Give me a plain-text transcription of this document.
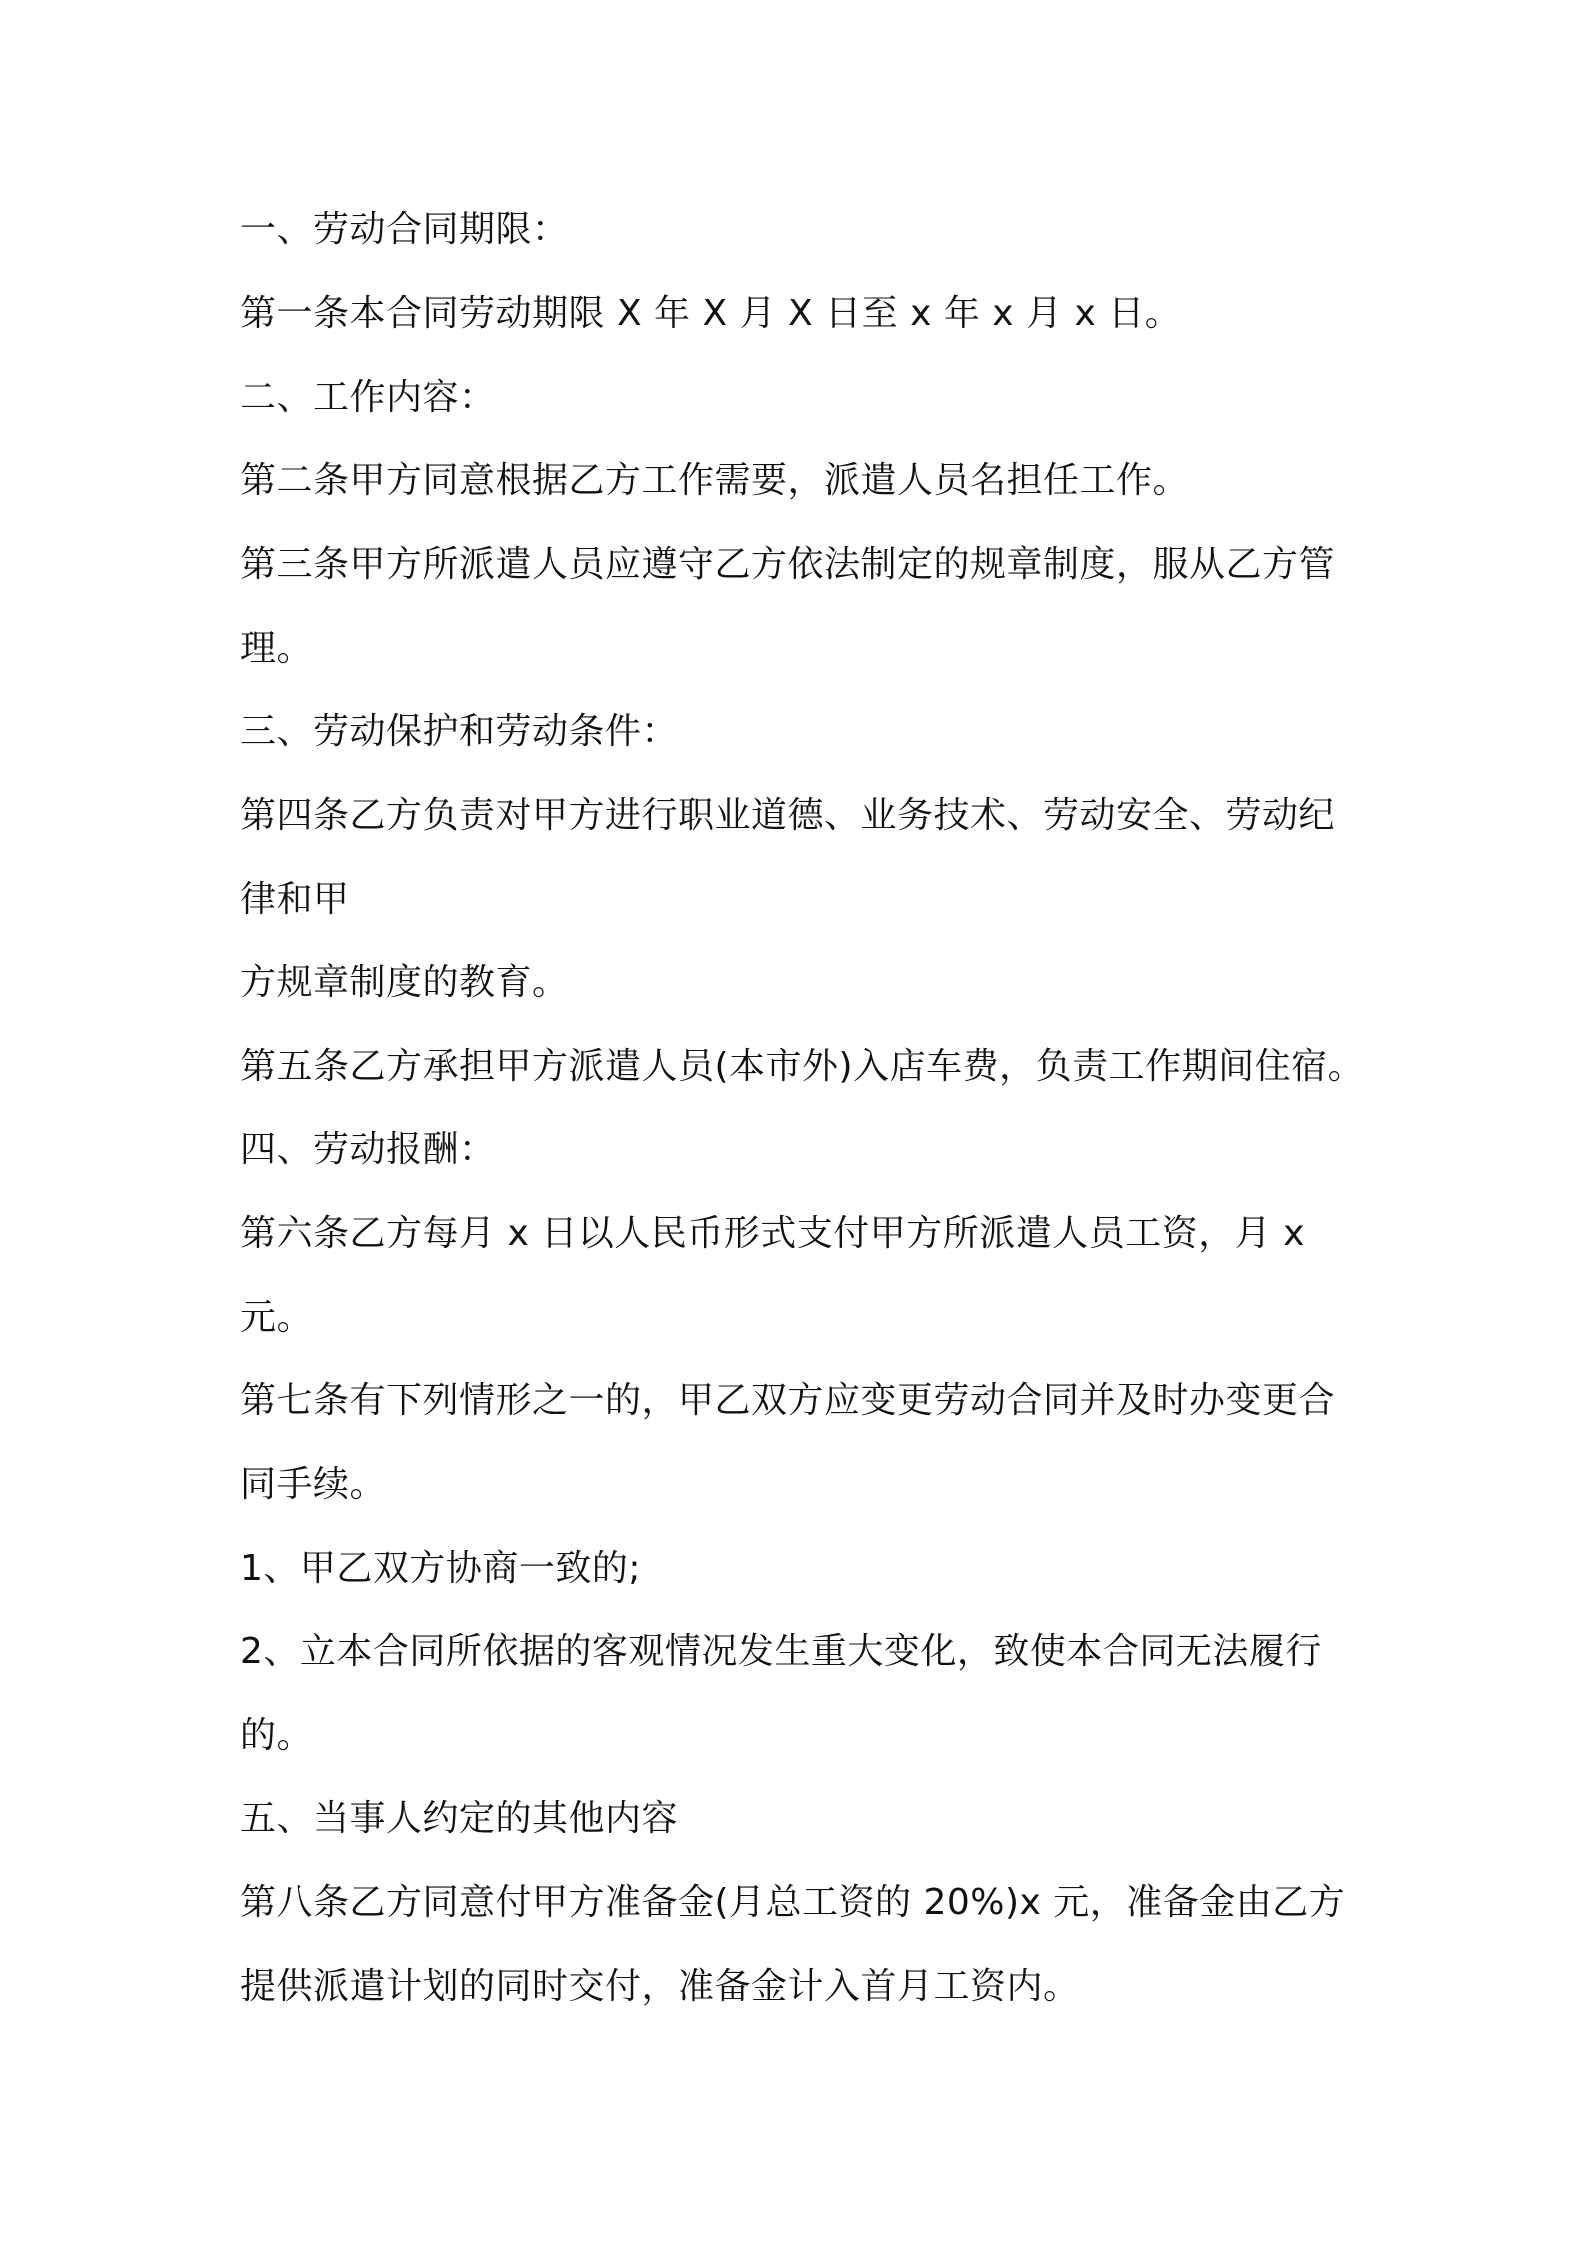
一、劳动合同期限：

第一条本合同劳动期限 X 年 X 月 X 日至 x 年 x 月 x 日。

二、工作内容：

第二条甲方同意根据乙方工作需要，派遣人员名担任工作。

第三条甲方所派遣人员应遵守乙方依法制定的规章制度，服从乙方管

理。

三、劳动保护和劳动条件：

第四条乙方负责对甲方进行职业道德、业务技术、劳动安全、劳动纪

律和甲

方规章制度的教育。

第五条乙方承担甲方派遣人员(本市外)入店车费，负责工作期间住宿。

四、劳动报酬：

第六条乙方每月 x 日以人民币形式支付甲方所派遣人员工资，月 x

元。

第七条有下列情形之一的，甲乙双方应变更劳动合同并及时办变更合

同手续。

1、甲乙双方协商一致的;

2、立本合同所依据的客观情况发生重大变化，致使本合同无法履行

的。

五、当事人约定的其他内容

第八条乙方同意付甲方准备金(月总工资的 20%)x 元，准备金由乙方

提供派遣计划的同时交付，准备金计入首月工资内。
